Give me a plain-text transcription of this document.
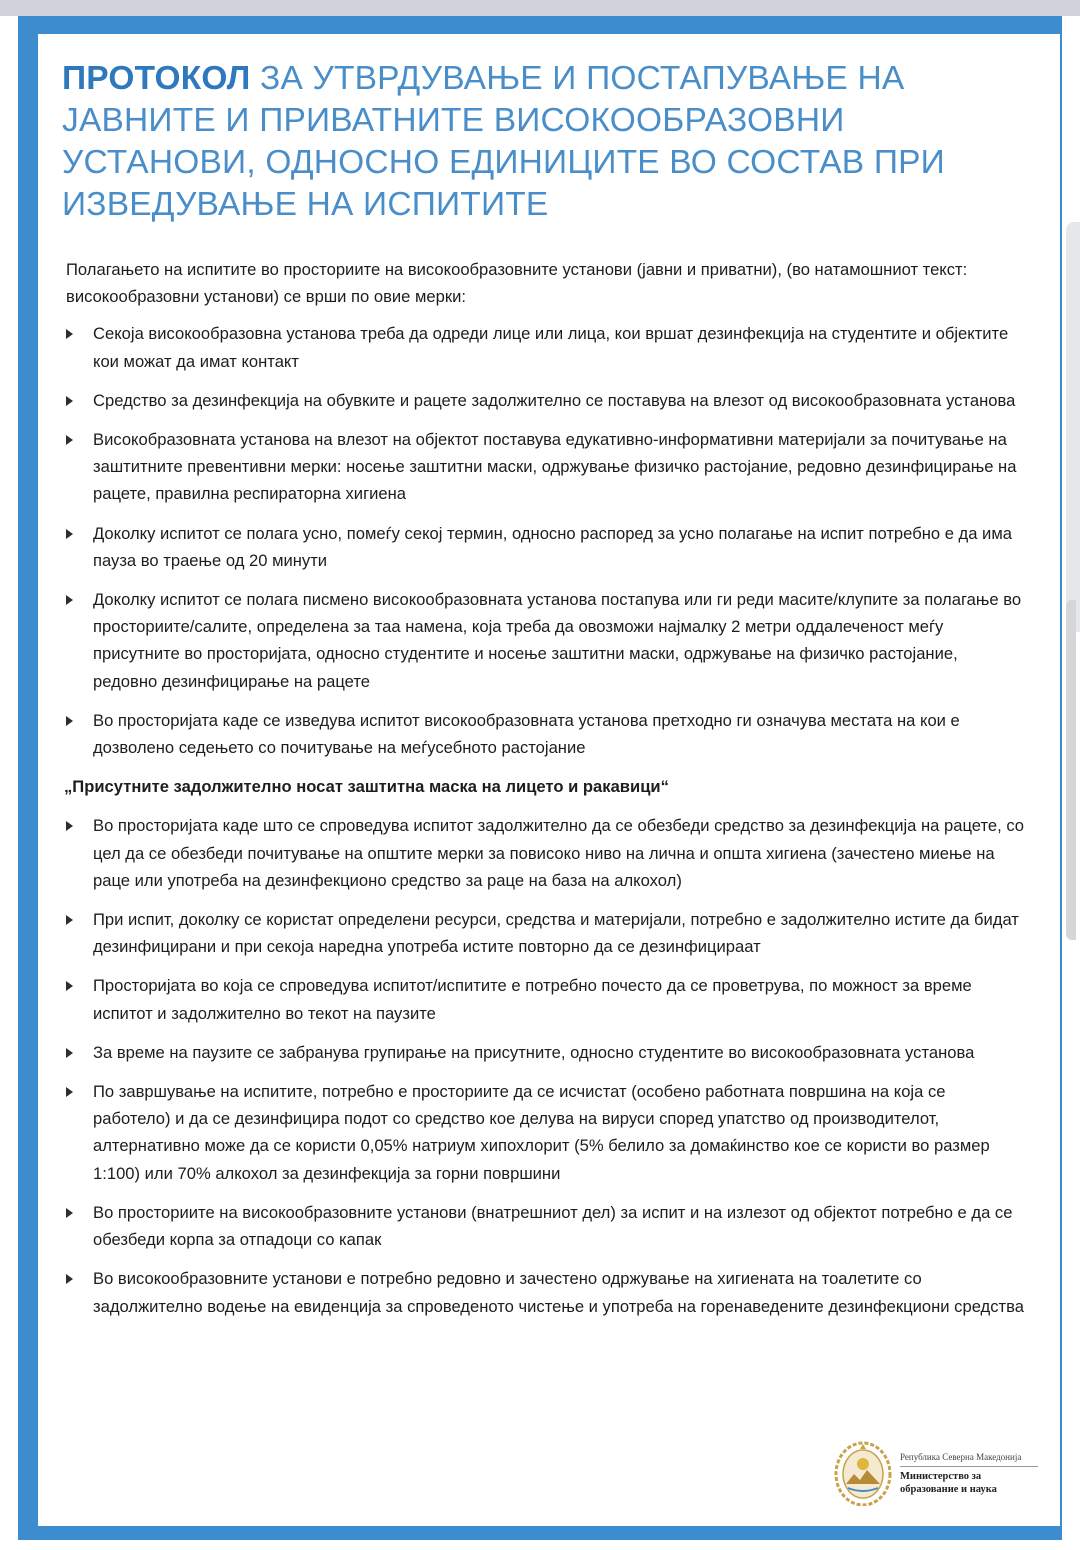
ПРОТОКОЛ ЗА УТВРДУВАЊЕ И ПОСТАПУВАЊЕ НА ЈАВНИТЕ И ПРИВАТНИТЕ ВИСОКООБРАЗОВНИ УСТАНОВИ, ОДНОСНО ЕДИНИЦИТЕ ВО СОСТАВ ПРИ ИЗВЕДУВАЊЕ НА ИСПИТИТЕ

Полагањето на испитите во просториите на високообразовните установи (јавни и приватни), (во натамошниот текст: високообразовни установи) се врши по овие мерки:

Секоја високообразовна установа треба да одреди лице или лица, кои вршат дезинфекција на студентите и објектите кои можат да имат контакт
Средство за дезинфекција на обувките и рацете задолжително се поставува на влезот од високообразовната установа
Високобразовната установа на влезот на објектот поставува едукативно-информативни материјали за почитување на заштитните превентивни мерки: носење заштитни маски, одржување физичко растојание, редовно дезинфицирање на рацете, правилна респираторна хигиена
Доколку испитот се полага усно, помеѓу секој термин, односно распоред за усно полагање на испит потребно е да има пауза во траење од 20 минути
Доколку испитот се полага писмено високообразовната установа постапува или ги реди масите/клупите за полагање во просториите/салите, определена за таа намена, која треба да овозможи најмалку 2 метри оддалеченост меѓу присутните во просторијата, односно студентите и носење заштитни маски, одржување на физичко растојание, редовно дезинфицирање на рацете
Во просторијата каде се изведува испитот високообразовната установа претходно ги означува местата на кои е дозволено седењето со почитување на меѓусебното растојание

„Присутните задолжително носат заштитна маска на лицето и ракавици“

Во просторијата каде што се спроведува испитот задолжително да се обезбеди средство за дезинфекција на рацете, со цел да се обезбеди почитување на општите мерки за повисоко ниво на лична и општа хигиена (зачестено миење на раце или употреба на дезинфекционо средство за раце на база на алкохол)
При испит, доколку се користат определени ресурси, средства и материјали, потребно е задолжително истите да бидат дезинфицирани и при секоја наредна употреба истите повторно да се дезинфицираат
Просторијата во која се спроведува испитот/испитите е потребно почесто да се проветрува, по можност за време испитот и задолжително во текот на паузите
За време на паузите се забранува групирање на присутните, односно студентите во високообразовната установа
По завршување на испитите, потребно е просториите да се исчистат (особено работната површина на која се работело) и да се дезинфицира подот со средство кое делува на вируси според упатство од производителот, алтернативно може да се користи 0,05% натриум хипохлорит (5% белило за домаќинство кое се користи во размер 1:100) или 70% алкохол за дезинфекција за горни површини
Во просториите на високообразовните установи (внатрешниот дел) за испит и на излезот од објектот потребно е да се обезбеди корпа за отпадоци со капак
Во високообразовните установи е потребно редовно и зачестено одржување на хигиената на тоалетите со задолжително водење на евиденција за спроведеното чистење и употреба на горенаведените дезинфекциони средства
Република Северна Македонија
Министерство за
образование и наука
